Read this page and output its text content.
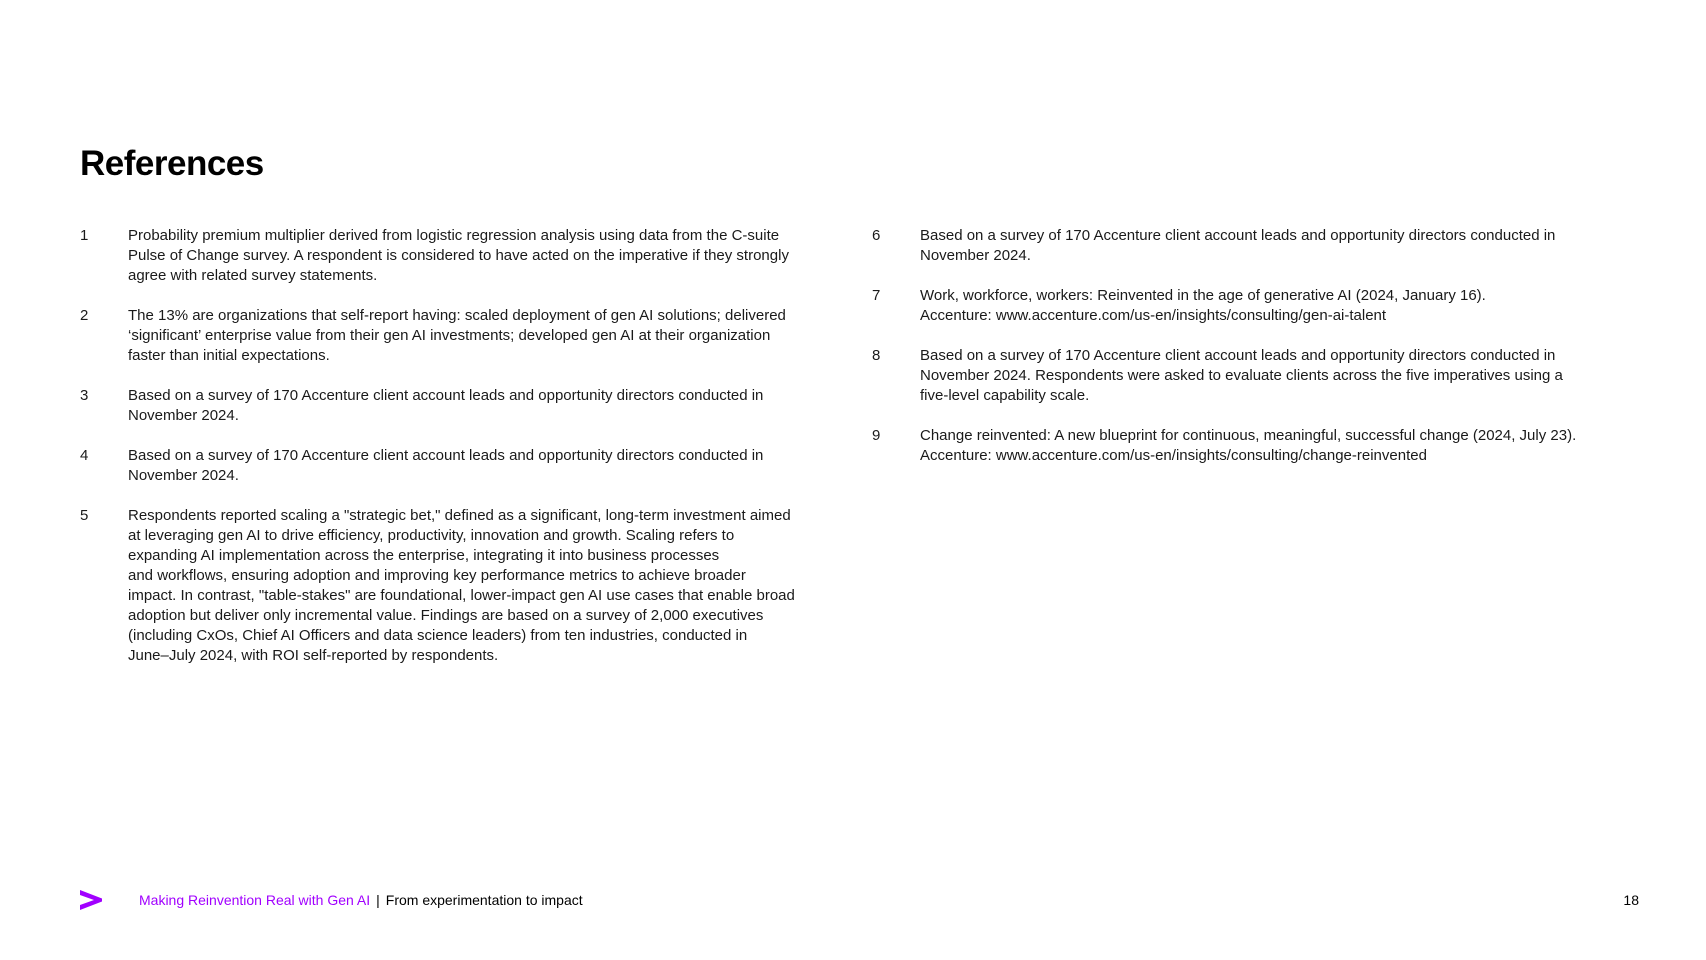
References
1	Probability premium multiplier derived from logistic regression analysis using data from the C-suite
Pulse of Change survey. A respondent is considered to have acted on the imperative if they strongly
agree with related survey statements.
2	The 13% are organizations that self-report having: scaled deployment of gen AI solutions; delivered
‘significant’ enterprise value from their gen AI investments; developed gen AI at their organization
faster than initial expectations.
3	Based on a survey of 170 Accenture client account leads and opportunity directors conducted in
November 2024.
4	Based on a survey of 170 Accenture client account leads and opportunity directors conducted in
November 2024.
5	Respondents reported scaling a "strategic bet," defined as a significant, long-term investment aimed
at leveraging gen AI to drive efficiency, productivity, innovation and growth. Scaling refers to
expanding AI implementation across the enterprise, integrating it into business processes
and workflows, ensuring adoption and improving key performance metrics to achieve broader
impact. In contrast, "table-stakes" are foundational, lower-impact gen AI use cases that enable broad
adoption but deliver only incremental value. Findings are based on a survey of 2,000 executives
(including CxOs, Chief AI Officers and data science leaders) from ten industries, conducted in
June–July 2024, with ROI self-reported by respondents.
6	Based on a survey of 170 Accenture client account leads and opportunity directors conducted in
November 2024.
7	Work, workforce, workers: Reinvented in the age of generative AI (2024, January 16).
Accenture: www.accenture.com/us-en/insights/consulting/gen-ai-talent
8	Based on a survey of 170 Accenture client account leads and opportunity directors conducted in
November 2024. Respondents were asked to evaluate clients across the five imperatives using a
five-level capability scale.
9	Change reinvented: A new blueprint for continuous, meaningful, successful change (2024, July 23).
Accenture: www.accenture.com/us-en/insights/consulting/change-reinvented
Making Reinvention Real with Gen AI | From experimentation to impact	18
